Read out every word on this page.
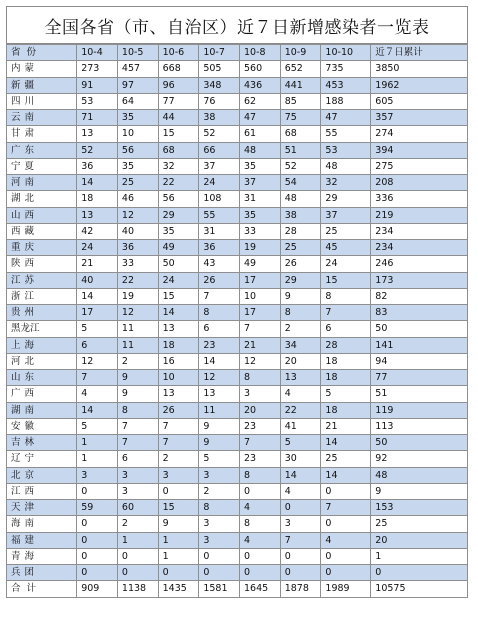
全国各省（市、自治区）近７日新增感染者一览表
省  份	10-4	10-5	10-6	10-7	10-8	10-9	10-10	近７日累计
内蒙	273	457	668	505	560	652	735	3850
新疆	91	97	96	348	436	441	453	1962
四川	53	64	77	76	62	85	188	605
云南	71	35	44	38	47	75	47	357
甘肃	13	10	15	52	61	68	55	274
广东	52	56	68	66	48	51	53	394
宁夏	36	35	32	37	35	52	48	275
河南	14	25	22	24	37	54	32	208
湖北	18	46	56	108	31	48	29	336
山西	13	12	29	55	35	38	37	219
西藏	42	40	35	31	33	28	25	234
重庆	24	36	49	36	19	25	45	234
陕西	21	33	50	43	49	26	24	246
江苏	40	22	24	26	17	29	15	173
浙江	14	19	15	7	10	9	8	82
贵州	17	12	14	8	17	8	7	83
黑龙江	5	11	13	6	7	2	6	50
上海	6	11	18	23	21	34	28	141
河北	12	2	16	14	12	20	18	94
山东	7	9	10	12	8	13	18	77
广西	4	9	13	13	3	4	5	51
湖南	14	8	26	11	20	22	18	119
安徽	5	7	7	9	23	41	21	113
吉林	1	7	7	9	7	5	14	50
辽宁	1	6	2	5	23	30	25	92
北京	3	3	3	3	8	14	14	48
江西	0	3	0	2	0	4	0	9
天津	59	60	15	8	4	0	7	153
海南	0	2	9	3	8	3	0	25
福建	0	1	1	3	4	7	4	20
青海	0	0	1	0	0	0	0	1
兵团	0	0	0	0	0	0	0	0
合  计	909	1138	1435	1581	1645	1878	1989	10575
